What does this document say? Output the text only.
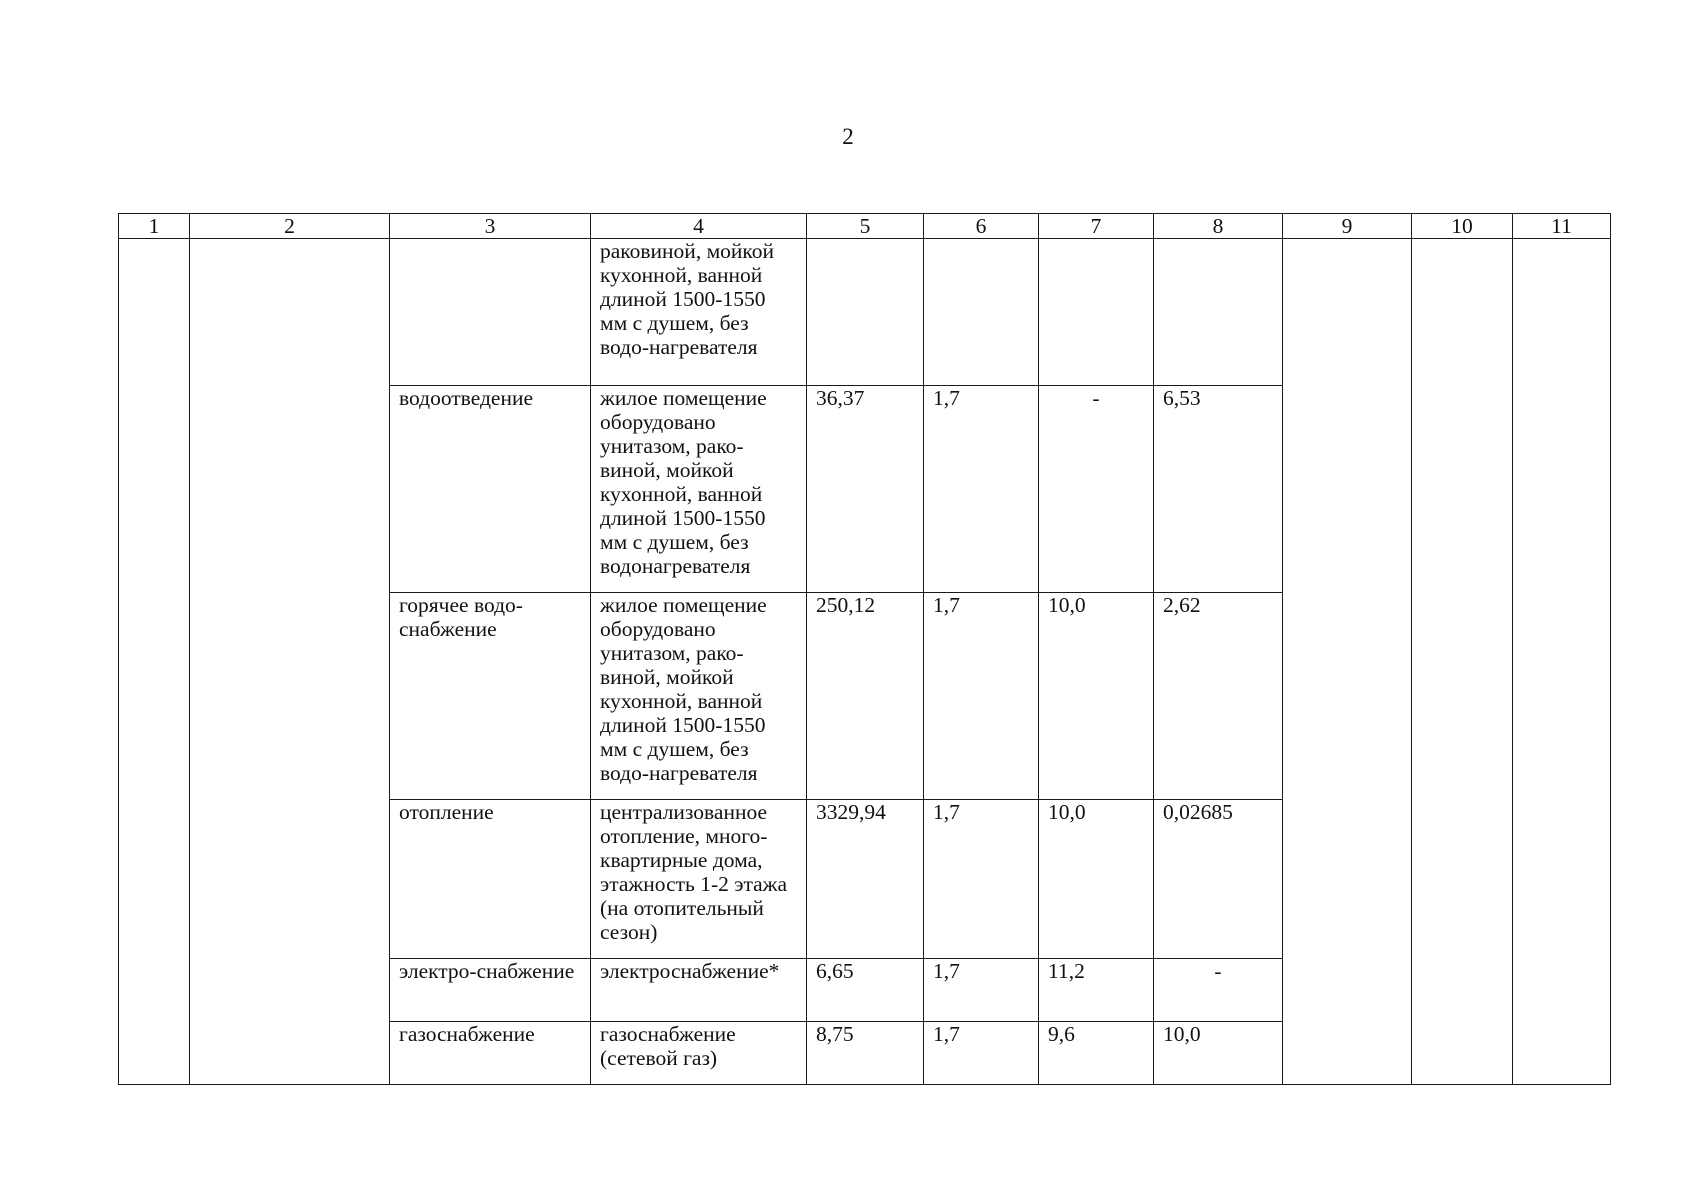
2
1	2	3	4	5	6	7	8	9	10	11
			раковиной, мойкой кухонной, ванной длиной 1500-1550 мм с душем, без водо-нагревателя							
		водоотведение	жилое помещение оборудовано унитазом, рако-виной, мойкой кухонной, ванной длиной 1500-1550 мм с душем, без водонагревателя	36,37	1,7	-	6,53			
		горячее водо-снабжение	жилое помещение оборудовано унитазом, рако-виной, мойкой кухонной, ванной длиной 1500-1550 мм с душем, без водо-нагревателя	250,12	1,7	10,0	2,62			
		отопление	централизованное отопление, много-квартирные дома, этажность 1-2 этажа (на отопительный сезон)	3329,94	1,7	10,0	0,02685			
		электро-снабжение	электроснабжение*	6,65	1,7	11,2	-			
		газоснабжение	газоснабжение (сетевой газ)	8,75	1,7	9,6	10,0			
